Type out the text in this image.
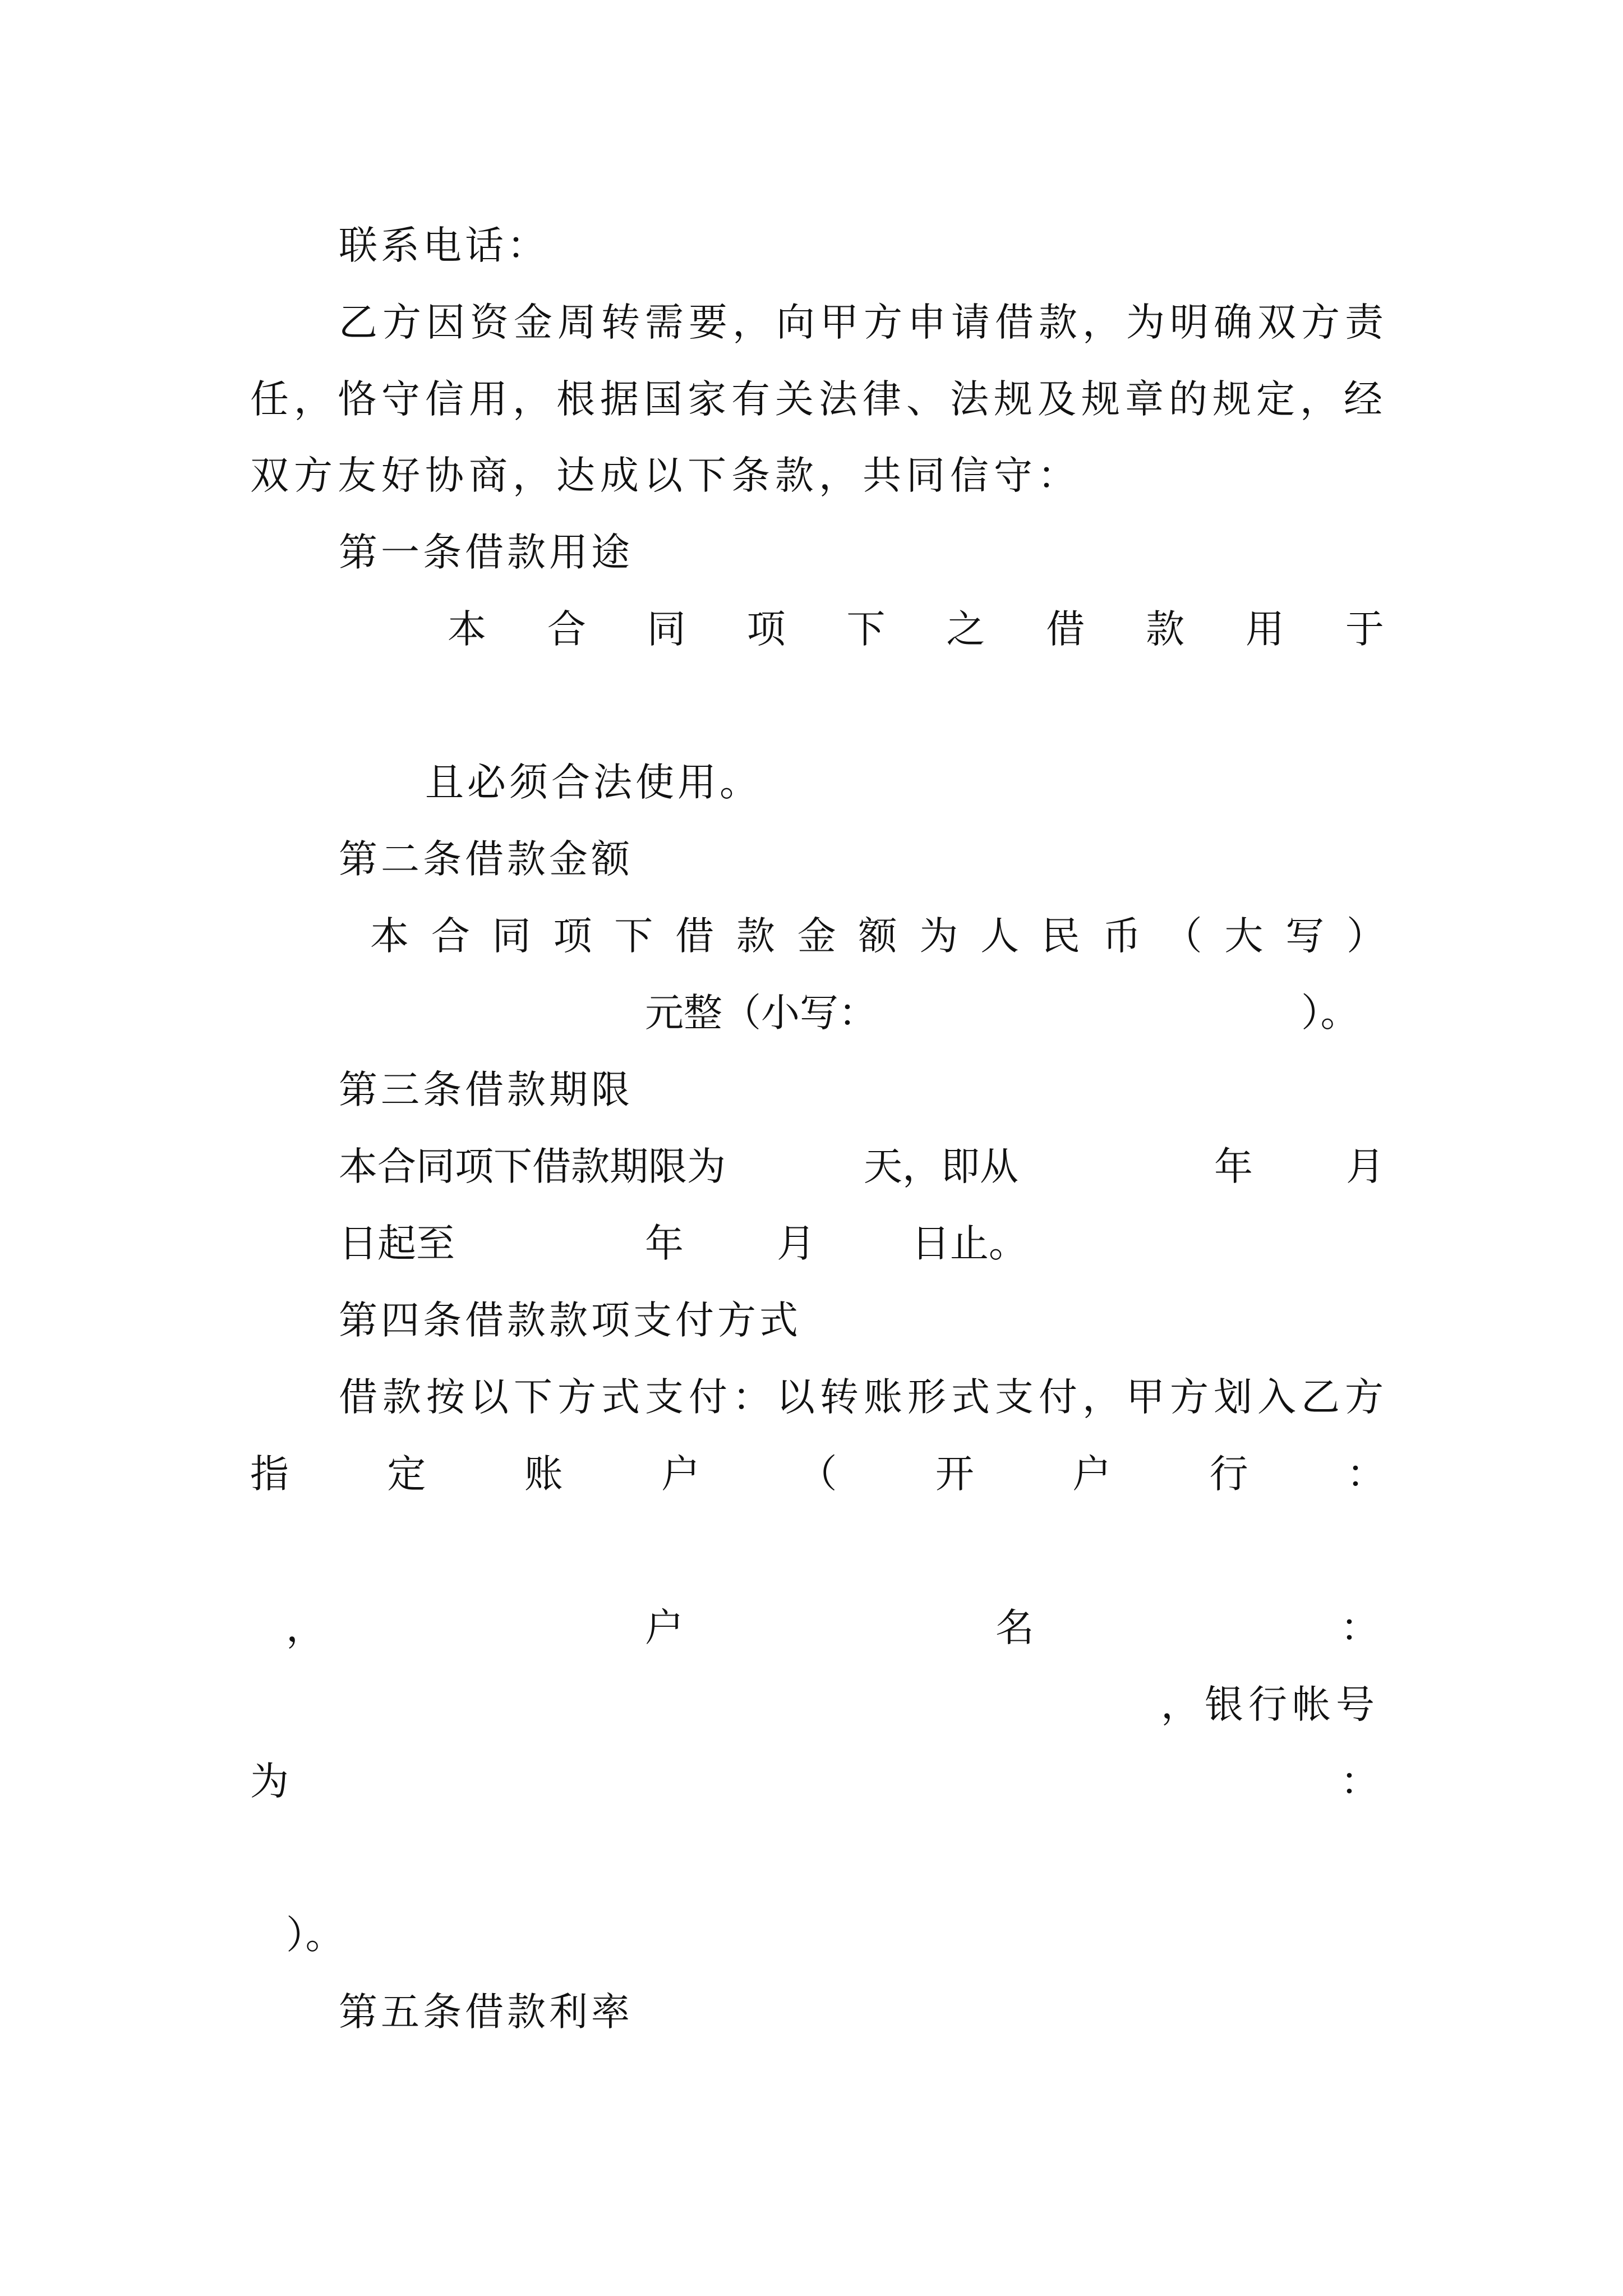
联系电话：
乙方因资金周转需要，向甲方申请借款，为明确双方责
任，恪守信用，根据国家有关法律、法规及规章的规定，经
双方友好协商，达成以下条款，共同信守：
第一条借款用途
本 合 同 项 下 之 借 款 用 于
且必须合法使用。
第二条借款金额
本 合 同 项 下 借 款 金 额 为 人 民 币 （ 大 写 ）
元整（小写：	）。
第三条借款期限
本合同项下借款期限为	天，即从	年 月
日起至	年 月 日止。
第四条借款款项支付方式
借款按以下方式支付：以转账形式支付，甲方划入乙方
指	定	账	户	（	开	户	行	：
，	户	名	：
，银行帐号
为	：
）。
第五条借款利率
